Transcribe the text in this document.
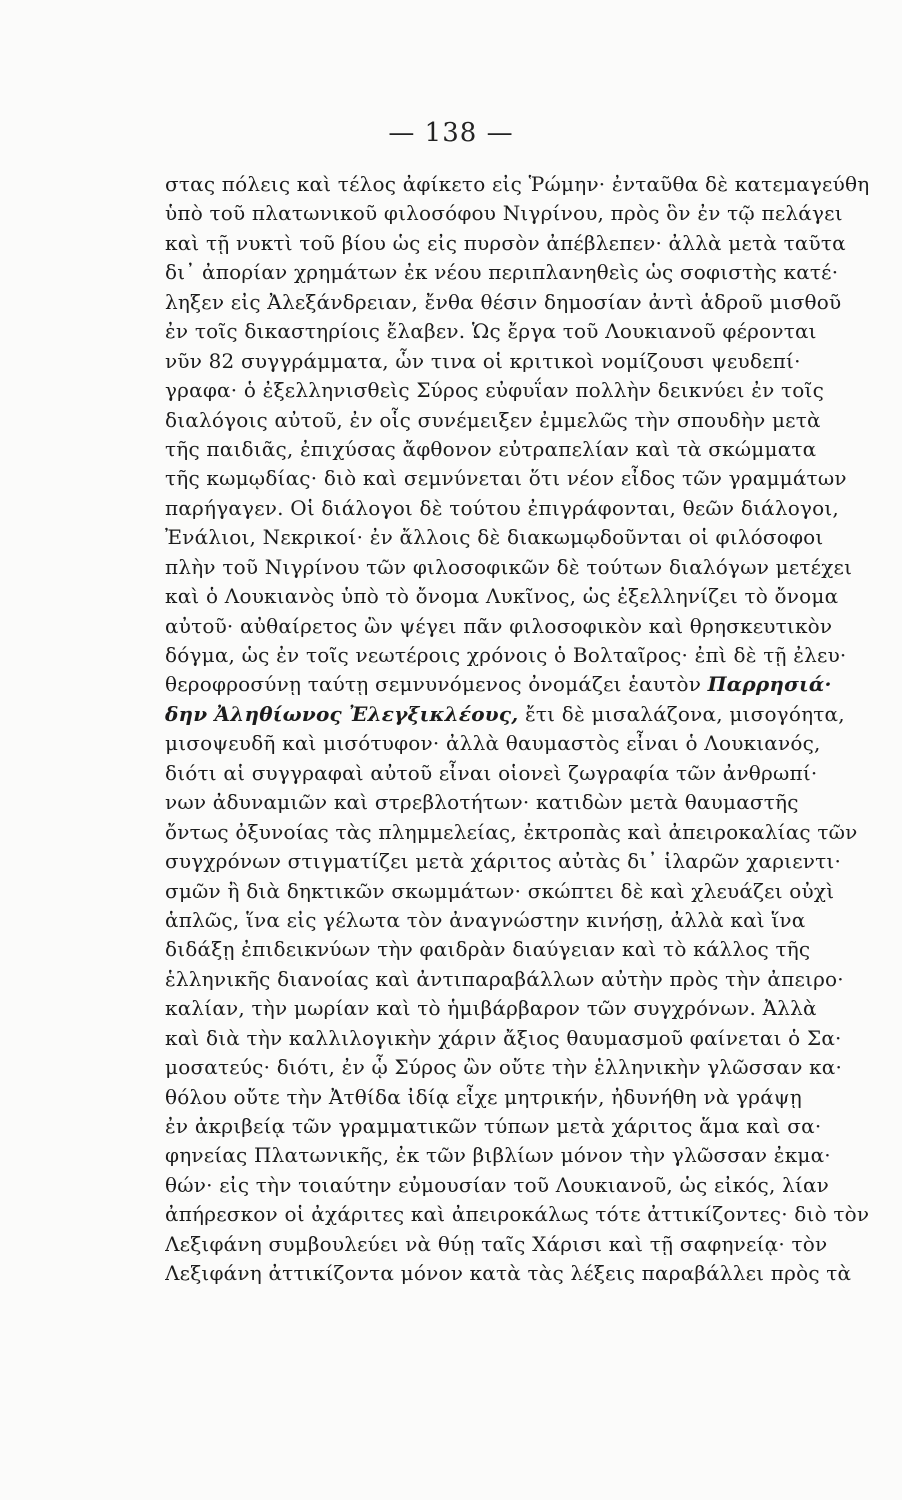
— 138 —
στας πόλεις καὶ τέλος ἀφίκετο εἰς Ῥώμην· ἐνταῦθα δὲ κατεμαγεύθη
ὑπὸ τοῦ πλατωνικοῦ φιλοσόφου Νιγρίνου, πρὸς ὃν ἐν τῷ πελάγει
καὶ τῇ νυκτὶ τοῦ βίου ὡς εἰς πυρσὸν ἀπέβλεπεν· ἀλλὰ μετὰ ταῦτα
δι᾽ ἀπορίαν χρημάτων ἐκ νέου περιπλανηθεὶς ὡς σοφιστὴς κατέ·
ληξεν εἰς Ἀλεξάνδρειαν, ἔνθα θέσιν δημοσίαν ἀντὶ ἁδροῦ μισθοῦ
ἐν τοῖς δικαστηρίοις ἔλαβεν. Ὡς ἔργα τοῦ Λουκιανοῦ φέρονται
νῦν 82 συγγράμματα, ὧν τινα οἱ κριτικοὶ νομίζουσι ψευδεπί·
γραφα· ὁ ἐξελληνισθεὶς Σύρος εὐφυΐαν πολλὴν δεικνύει ἐν τοῖς
διαλόγοις αὐτοῦ, ἐν οἷς συνέμειξεν ἐμμελῶς τὴν σπουδὴν μετὰ
τῆς παιδιᾶς, ἐπιχύσας ἄφθονον εὐτραπελίαν καὶ τὰ σκώμματα
τῆς κωμῳδίας· διὸ καὶ σεμνύνεται ὅτι νέον εἶδος τῶν γραμμάτων
παρήγαγεν. Οἱ διάλογοι δὲ τούτου ἐπιγράφονται, θεῶν διάλογοι,
Ἐνάλιοι, Νεκρικοί· ἐν ἄλλοις δὲ διακωμῳδοῦνται οἱ φιλόσοφοι
πλὴν τοῦ Νιγρίνου τῶν φιλοσοφικῶν δὲ τούτων διαλόγων μετέχει
καὶ ὁ Λουκιανὸς ὑπὸ τὸ ὄνομα Λυκῖνος, ὡς ἐξελληνίζει τὸ ὄνομα
αὐτοῦ· αὐθαίρετος ὢν ψέγει πᾶν φιλοσοφικὸν καὶ θρησκευτικὸν
δόγμα, ὡς ἐν τοῖς νεωτέροις χρόνοις ὁ Βολταῖρος· ἐπὶ δὲ τῇ ἐλευ·
θεροφροσύνῃ ταύτῃ σεμνυνόμενος ὀνομάζει ἑαυτὸν Παρρησιά·
δην Ἀληθίωνος Ἐλεγξικλέους, ἔτι δὲ μισαλάζονα, μισογόητα,
μισοψευδῆ καὶ μισότυφον· ἀλλὰ θαυμαστὸς εἶναι ὁ Λουκιανός,
διότι αἱ συγγραφαὶ αὐτοῦ εἶναι οἱονεὶ ζωγραφία τῶν ἀνθρωπί·
νων ἀδυναμιῶν καὶ στρεβλοτήτων· κατιδὼν μετὰ θαυμαστῆς
ὄντως ὀξυνοίας τὰς πλημμελείας, ἐκτροπὰς καὶ ἀπειροκαλίας τῶν
συγχρόνων στιγματίζει μετὰ χάριτος αὐτὰς δι᾽ ἱλαρῶν χαριεντι·
σμῶν ἢ διὰ δηκτικῶν σκωμμάτων· σκώπτει δὲ καὶ χλευάζει οὐχὶ
ἁπλῶς, ἵνα εἰς γέλωτα τὸν ἀναγνώστην κινήσῃ, ἀλλὰ καὶ ἵνα
διδάξῃ ἐπιδεικνύων τὴν φαιδρὰν διαύγειαν καὶ τὸ κάλλος τῆς
ἑλληνικῆς διανοίας καὶ ἀντιπαραβάλλων αὐτὴν πρὸς τὴν ἀπειρο·
καλίαν, τὴν μωρίαν καὶ τὸ ἡμιβάρβαρον τῶν συγχρόνων. Ἀλλὰ
καὶ διὰ τὴν καλλιλογικὴν χάριν ἄξιος θαυμασμοῦ φαίνεται ὁ Σα·
μοσατεύς· διότι, ἐν ᾧ Σύρος ὢν οὔτε τὴν ἑλληνικὴν γλῶσσαν κα·
θόλου οὔτε τὴν Ἀτθίδα ἰδίᾳ εἶχε μητρικήν, ἠδυνήθη νὰ γράψῃ
ἐν ἀκριβείᾳ τῶν γραμματικῶν τύπων μετὰ χάριτος ἅμα καὶ σα·
φηνείας Πλατωνικῆς, ἐκ τῶν βιβλίων μόνον τὴν γλῶσσαν ἐκμα·
θών· εἰς τὴν τοιαύτην εὐμουσίαν τοῦ Λουκιανοῦ, ὡς εἰκός, λίαν
ἀπήρεσκον οἱ ἀχάριτες καὶ ἀπειροκάλως τότε ἀττικίζοντες· διὸ τὸν
Λεξιφάνη συμβουλεύει νὰ θύῃ ταῖς Χάρισι καὶ τῇ σαφηνείᾳ· τὸν
Λεξιφάνη ἀττικίζοντα μόνον κατὰ τὰς λέξεις παραβάλλει πρὸς τὰ
